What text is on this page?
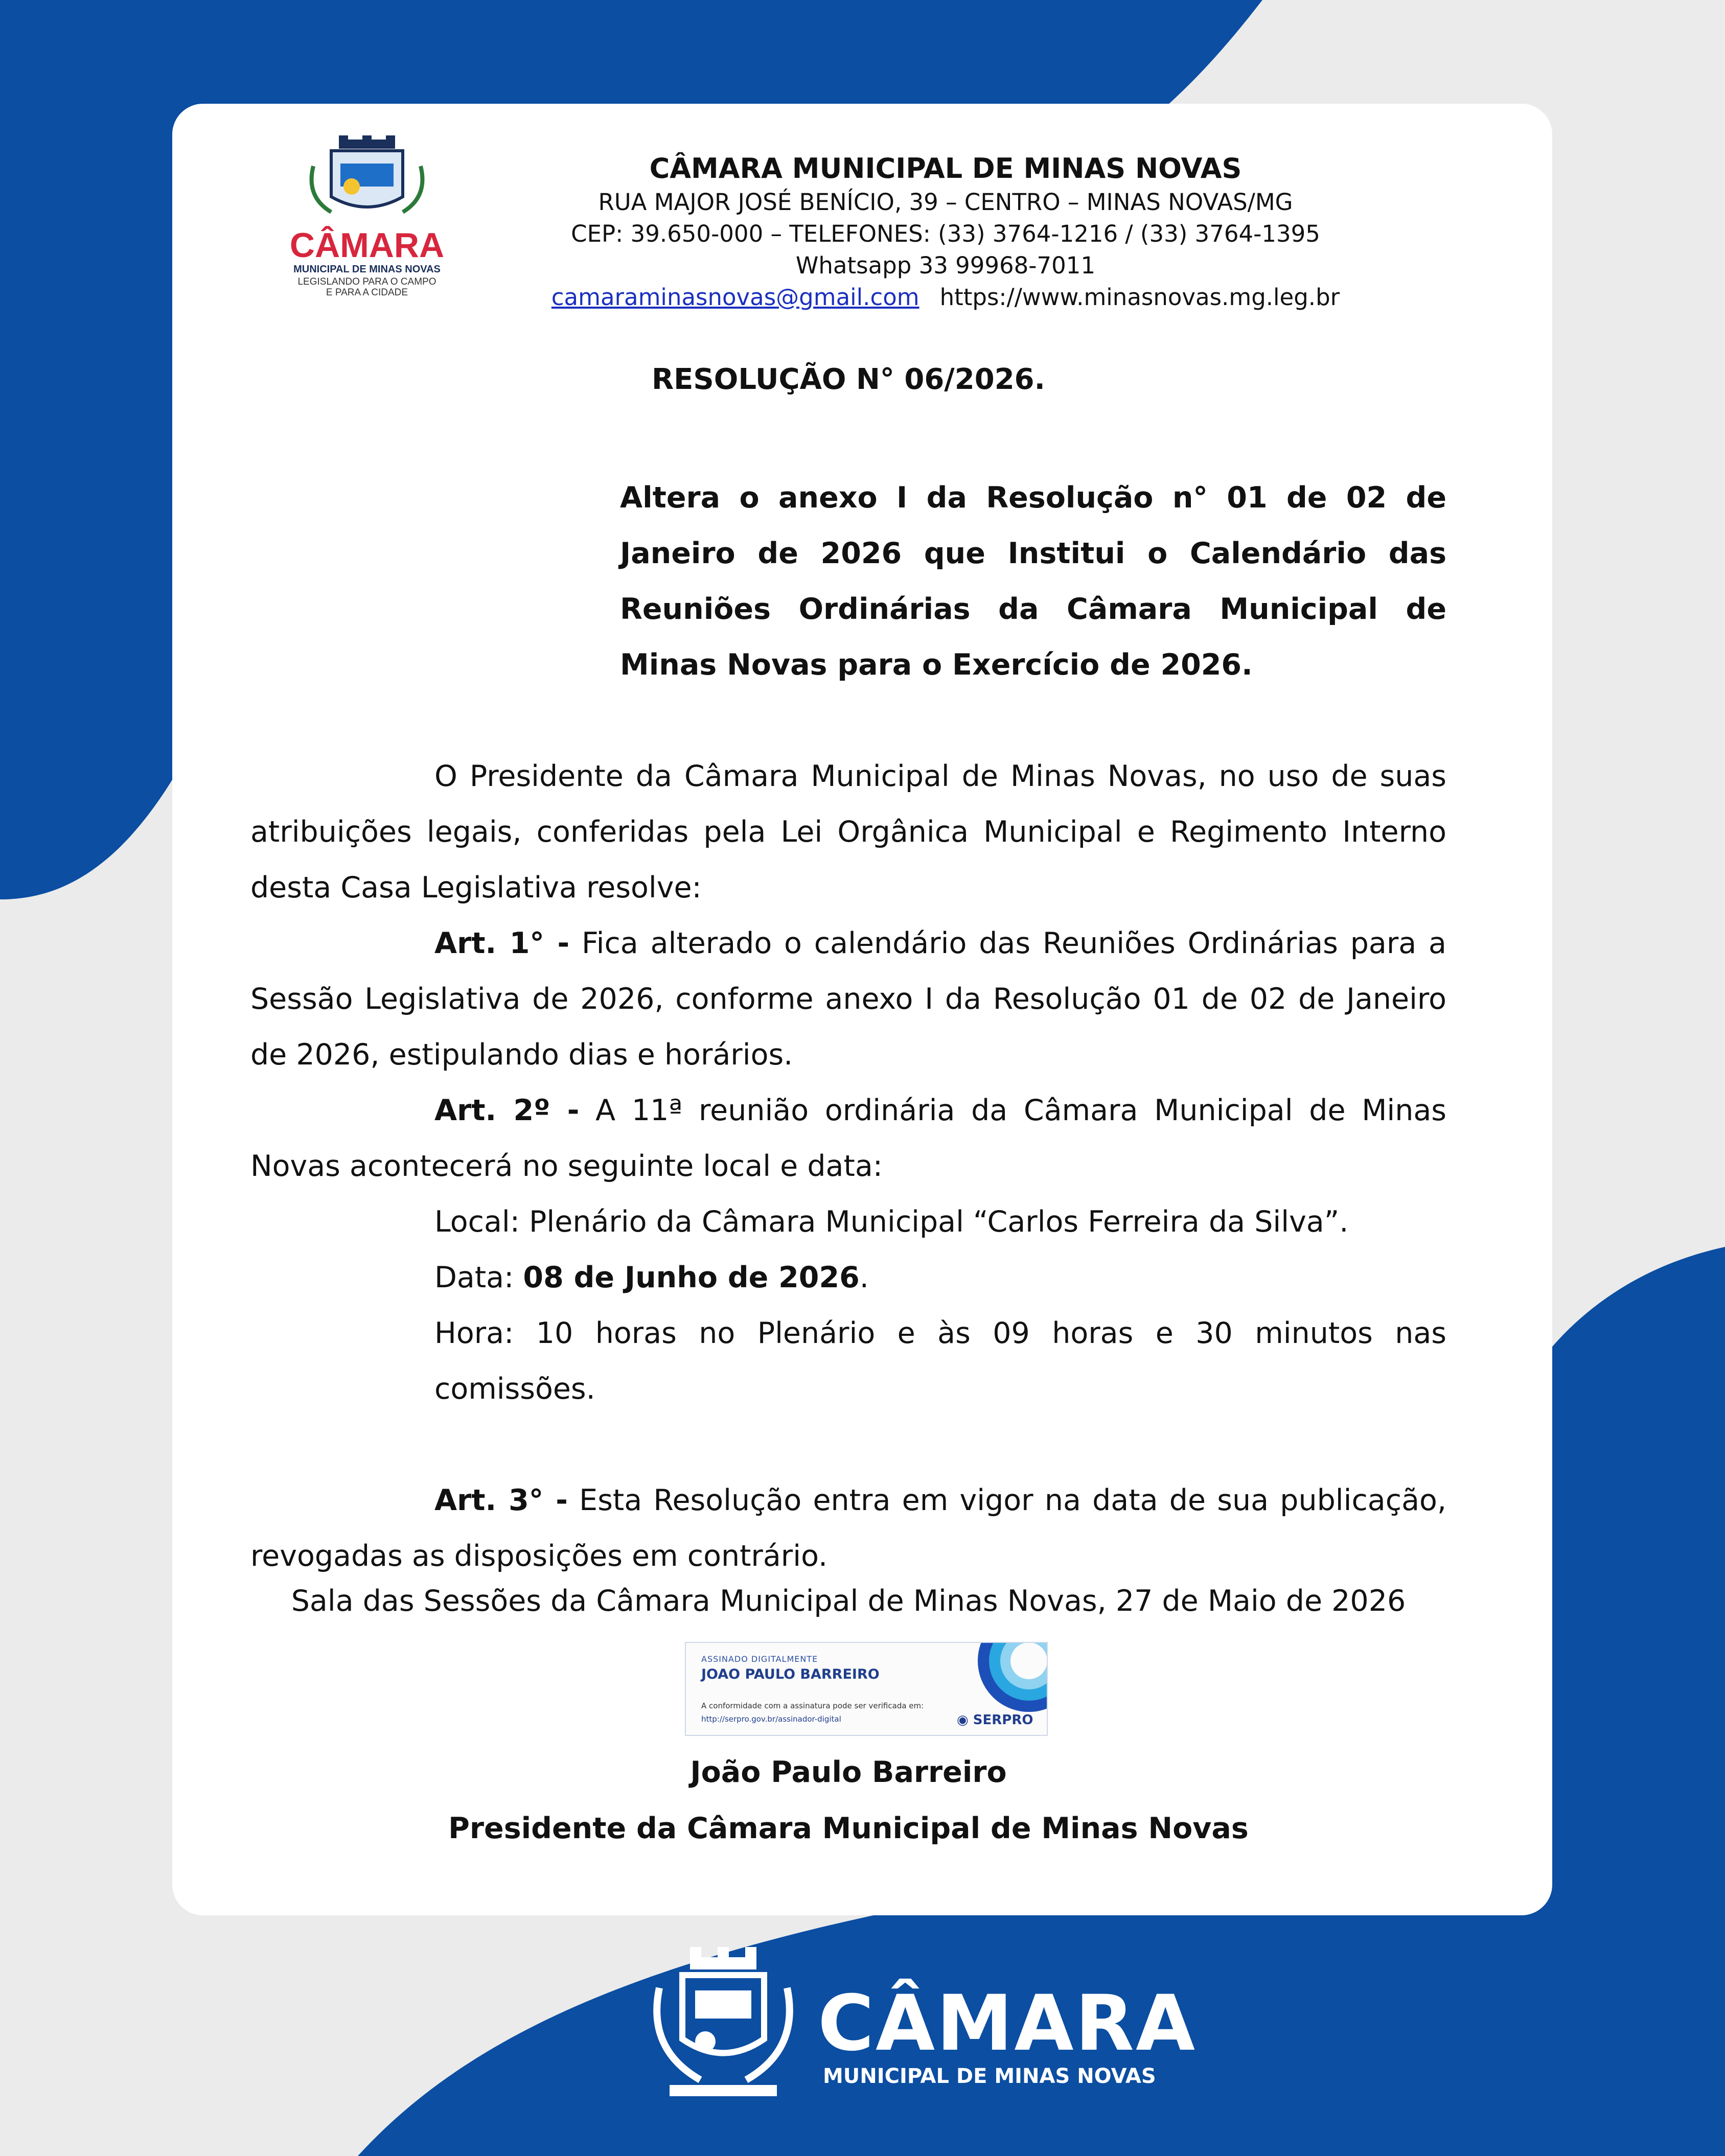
CÂMARA
MUNICIPAL DE MINAS NOVAS
LEGISLANDO PARA O CAMPO
E PARA A CIDADE
CÂMARA MUNICIPAL DE MINAS NOVAS
RUA MAJOR JOSÉ BENÍCIO, 39 – CENTRO – MINAS NOVAS/MG
CEP: 39.650-000 – TELEFONES: (33) 3764-1216 / (33) 3764-1395
Whatsapp 33 99968-7011
camaraminasnovas@gmail.com https://www.minasnovas.mg.leg.br
RESOLUÇÃO N° 06/2026.
Altera o anexo I da Resolução n° 01 de 02 de Janeiro de 2026 que Institui o Calendário das Reuniões Ordinárias da Câmara Municipal de Minas Novas para o Exercício de 2026.

O Presidente da Câmara Municipal de Minas Novas, no uso de suas atribuições legais, conferidas pela Lei Orgânica Municipal e Regimento Interno desta Casa Legislativa resolve:

Art. 1° - Fica alterado o calendário das Reuniões Ordinárias para a Sessão Legislativa de 2026, conforme anexo I da Resolução 01 de 02 de Janeiro de 2026, estipulando dias e horários.

Art. 2º - A 11ª reunião ordinária da Câmara Municipal de Minas Novas acontecerá no seguinte local e data:

Local: Plenário da Câmara Municipal “Carlos Ferreira da Silva”.

Data: 08 de Junho de 2026.

Hora: 10 horas no Plenário e às 09 horas e 30 minutos nas comissões.

Art. 3° - Esta Resolução entra em vigor na data de sua publicação, revogadas as disposições em contrário.

Sala das Sessões da Câmara Municipal de Minas Novas, 27 de Maio de 2026
ASSINADO DIGITALMENTE
JOAO PAULO BARREIRO
A conformidade com a assinatura pode ser verificada em:
http://serpro.gov.br/assinador-digital	◉ SERPRO
João Paulo Barreiro
Presidente da Câmara Municipal de Minas Novas
CÂMARA
MUNICIPAL DE MINAS NOVAS
